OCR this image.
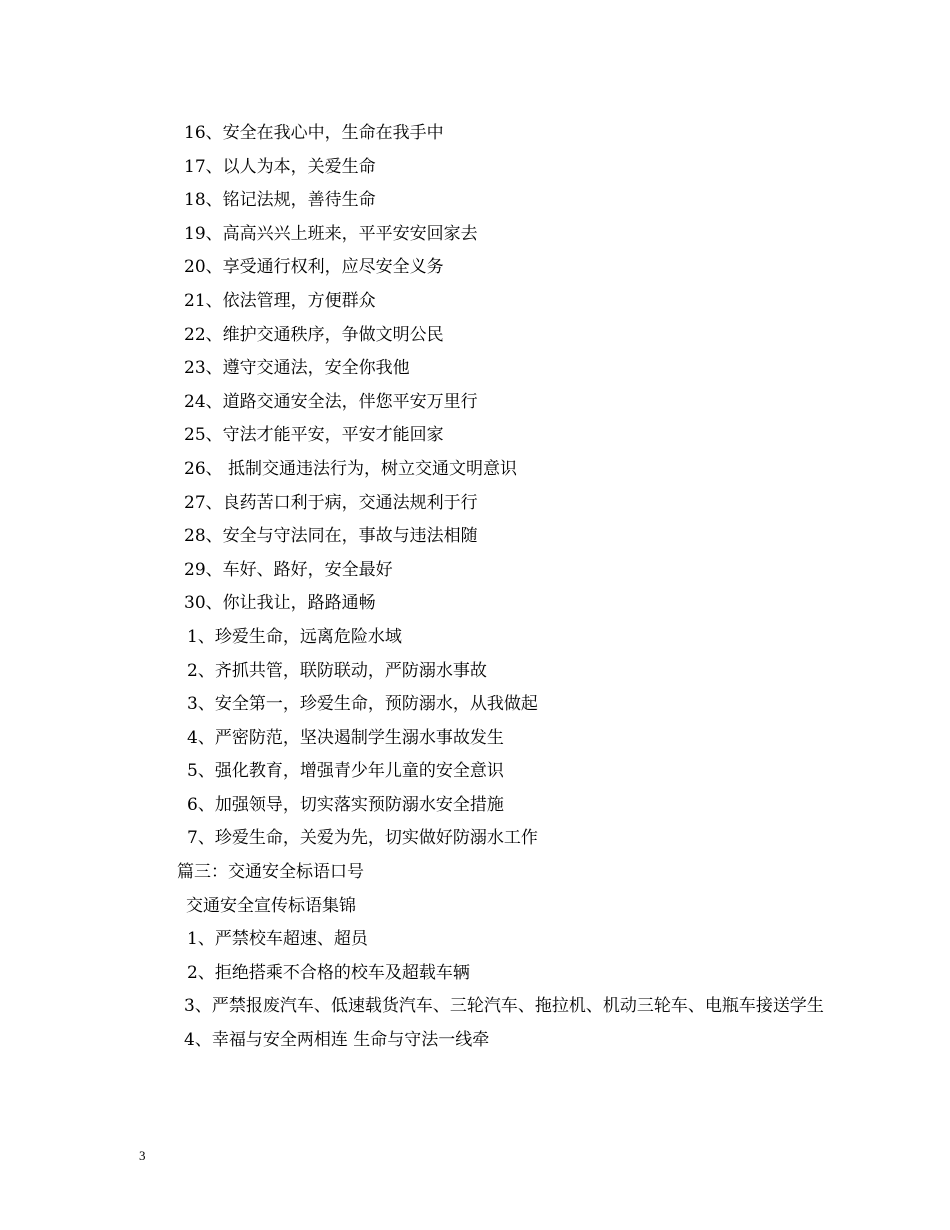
16、安全在我心中，生命在我手中
17、以人为本，关爱生命
18、铭记法规，善待生命
19、高高兴兴上班来，平平安安回家去
20、享受通行权利，应尽安全义务
21、依法管理，方便群众
22、维护交通秩序，争做文明公民
23、遵守交通法，安全你我他
24、道路交通安全法，伴您平安万里行
25、守法才能平安，平安才能回家
26、 抵制交通违法行为，树立交通文明意识
27、良药苦口利于病，交通法规利于行
28、安全与守法同在，事故与违法相随
29、车好、路好，安全最好
30、你让我让，路路通畅
1、珍爱生命，远离危险水域
2、齐抓共管，联防联动，严防溺水事故
3、安全第一，珍爱生命，预防溺水，从我做起
4、严密防范，坚决遏制学生溺水事故发生
5、强化教育，增强青少年儿童的安全意识
6、加强领导，切实落实预防溺水安全措施
7、珍爱生命，关爱为先，切实做好防溺水工作
篇三：交通安全标语口号
交通安全宣传标语集锦
1、严禁校车超速、超员
2、拒绝搭乘不合格的校车及超载车辆
3、严禁报废汽车、低速载货汽车、三轮汽车、拖拉机、机动三轮车、电瓶车接送学生
4、幸福与安全两相连 生命与守法一线牵
3
